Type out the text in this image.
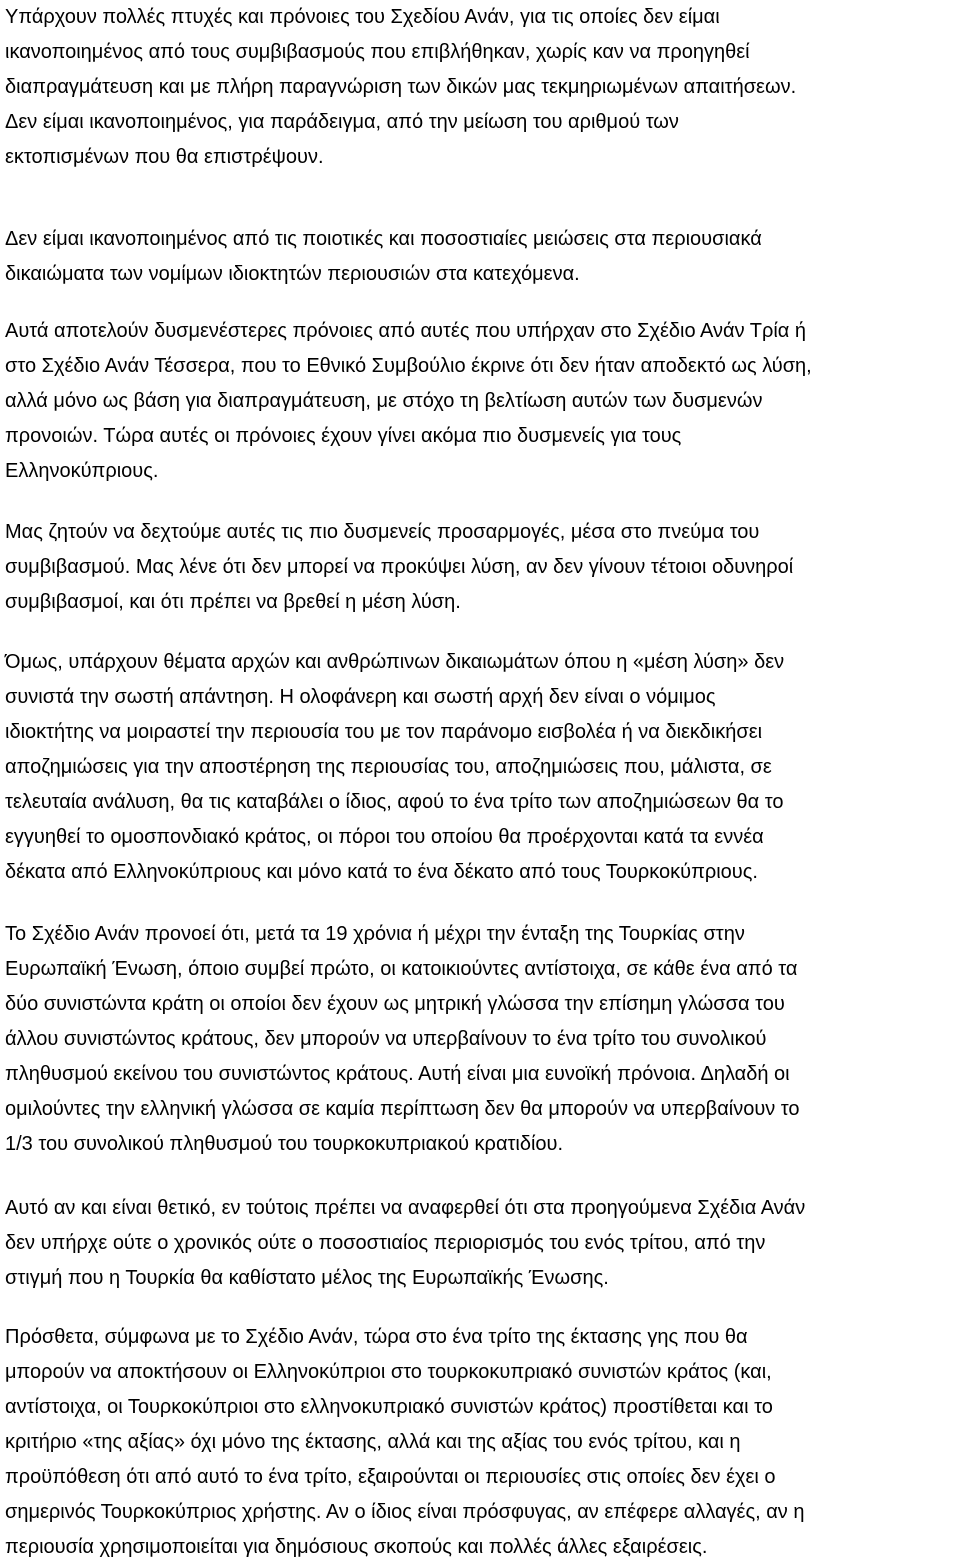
Υπάρχουν πολλές πτυχές και πρόνοιες του Σχεδίου Ανάν, για τις οποίες δεν είμαι
ικανοποιημένος από τους συμβιβασμούς που επιβλήθηκαν, χωρίς καν να προηγηθεί
διαπραγμάτευση και με πλήρη παραγνώριση των δικών μας τεκμηριωμένων απαιτήσεων.
Δεν είμαι ικανοποιημένος, για παράδειγμα, από την μείωση του αριθμού των
εκτοπισμένων που θα επιστρέψουν.

Δεν είμαι ικανοποιημένος από τις ποιοτικές και ποσοστιαίες μειώσεις στα περιουσιακά
δικαιώματα των νομίμων ιδιοκτητών περιουσιών στα κατεχόμενα.

Αυτά αποτελούν δυσμενέστερες πρόνοιες από αυτές που υπήρχαν στο Σχέδιο Ανάν Τρία ή
στο Σχέδιο Ανάν Τέσσερα, που το Εθνικό Συμβούλιο έκρινε ότι δεν ήταν αποδεκτό ως λύση,
αλλά μόνο ως βάση για διαπραγμάτευση, με στόχο τη βελτίωση αυτών των δυσμενών
προνοιών. Τώρα αυτές οι πρόνοιες έχουν γίνει ακόμα πιο δυσμενείς για τους
Ελληνοκύπριους.

Μας ζητούν να δεχτούμε αυτές τις πιο δυσμενείς προσαρμογές, μέσα στο πνεύμα του
συμβιβασμού. Μας λένε ότι δεν μπορεί να προκύψει λύση, αν δεν γίνουν τέτοιοι οδυνηροί
συμβιβασμοί, και ότι πρέπει να βρεθεί η μέση λύση.

Όμως, υπάρχουν θέματα αρχών και ανθρώπινων δικαιωμάτων όπου η «μέση λύση» δεν
συνιστά την σωστή απάντηση. Η ολοφάνερη και σωστή αρχή δεν είναι ο νόμιμος
ιδιοκτήτης να μοιραστεί την περιουσία του με τον παράνομο εισβολέα ή να διεκδικήσει
αποζημιώσεις για την αποστέρηση της περιουσίας του, αποζημιώσεις που, μάλιστα, σε
τελευταία ανάλυση, θα τις καταβάλει ο ίδιος, αφού το ένα τρίτο των αποζημιώσεων θα το
εγγυηθεί το ομοσπονδιακό κράτος, οι πόροι του οποίου θα προέρχονται κατά τα εννέα
δέκατα από Ελληνοκύπριους και μόνο κατά το ένα δέκατο από τους Τουρκοκύπριους.

Το Σχέδιο Ανάν προνοεί ότι, μετά τα 19 χρόνια ή μέχρι την ένταξη της Τουρκίας στην
Ευρωπαϊκή Ένωση, όποιο συμβεί πρώτο, οι κατοικιούντες αντίστοιχα, σε κάθε ένα από τα
δύο συνιστώντα κράτη οι οποίοι δεν έχουν ως μητρική γλώσσα την επίσημη γλώσσα του
άλλου συνιστώντος κράτους, δεν μπορούν να υπερβαίνουν το ένα τρίτο του συνολικού
πληθυσμού εκείνου του συνιστώντος κράτους. Αυτή είναι μια ευνοϊκή πρόνοια. Δηλαδή οι
ομιλούντες την ελληνική γλώσσα σε καμία περίπτωση δεν θα μπορούν να υπερβαίνουν το
1/3 του συνολικού πληθυσμού του τουρκοκυπριακού κρατιδίου.

Αυτό αν και είναι θετικό, εν τούτοις πρέπει να αναφερθεί ότι στα προηγούμενα Σχέδια Ανάν
δεν υπήρχε ούτε ο χρονικός ούτε ο ποσοστιαίος περιορισμός του ενός τρίτου, από την
στιγμή που η Τουρκία θα καθίστατο μέλος της Ευρωπαϊκής Ένωσης.

Πρόσθετα, σύμφωνα με το Σχέδιο Ανάν, τώρα στο ένα τρίτο της έκτασης γης που θα
μπορούν να αποκτήσουν οι Ελληνοκύπριοι στο τουρκοκυπριακό συνιστών κράτος (και,
αντίστοιχα, οι Τουρκοκύπριοι στο ελληνοκυπριακό συνιστών κράτος) προστίθεται και το
κριτήριο «της αξίας» όχι μόνο της έκτασης, αλλά και της αξίας του ενός τρίτου, και η
προϋπόθεση ότι από αυτό το ένα τρίτο, εξαιρούνται οι περιουσίες στις οποίες δεν έχει ο
σημερινός Τουρκοκύπριος χρήστης. Αν ο ίδιος είναι πρόσφυγας, αν επέφερε αλλαγές, αν η
περιουσία χρησιμοποιείται για δημόσιους σκοπούς και πολλές άλλες εξαιρέσεις.
